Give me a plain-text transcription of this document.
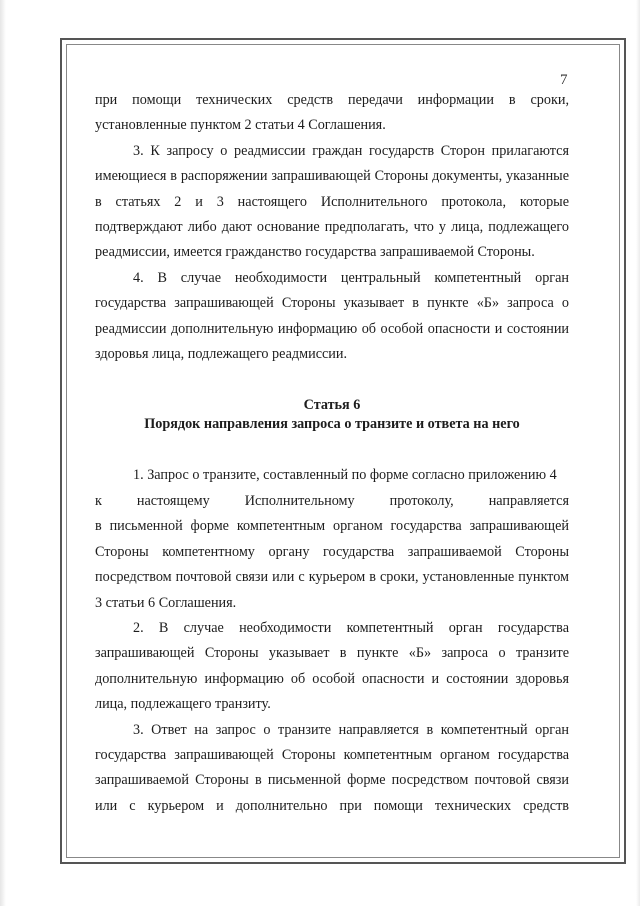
7

при помощи технических средств передачи информации в сроки, установленные пунктом 2 статьи 4 Соглашения.

3. К запросу о реадмиссии граждан государств Сторон прилагаются имеющиеся в распоряжении запрашивающей Стороны документы, указанные в статьях 2 и 3 настоящего Исполнительного протокола, которые подтверждают либо дают основание предполагать, что у лица, подлежащего реадмиссии, имеется гражданство государства запрашиваемой Стороны.

4. В случае необходимости центральный компетентный орган государства запрашивающей Стороны указывает в пункте «Б» запроса о реадмиссии дополнительную информацию об особой опасности и состоянии здоровья лица, подлежащего реадмиссии.

Статья 6
Порядок направления запроса о транзите и ответа на него

1. Запрос о транзите, составленный по форме согласно приложению 4

к настоящему Исполнительному протоколу, направляется

в письменной форме компетентным органом государства запрашивающей Стороны компетентному органу государства запрашиваемой Стороны посредством почтовой связи или с курьером в сроки, установленные пунктом 3 статьи 6 Соглашения.

2. В случае необходимости компетентный орган государства запрашивающей Стороны указывает в пункте «Б» запроса о транзите дополнительную информацию об особой опасности и состоянии здоровья лица, подлежащего транзиту.

3. Ответ на запрос о транзите направляется в компетентный орган государства запрашивающей Стороны компетентным органом государства запрашиваемой Стороны в письменной форме посредством почтовой связи или с курьером и дополнительно при помощи технических средств
